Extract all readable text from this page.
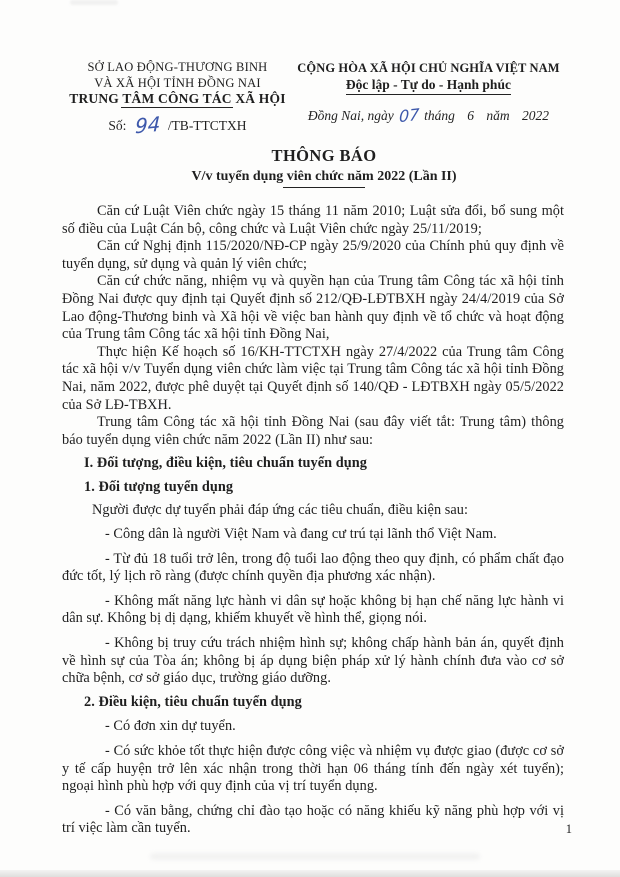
SỞ LAO ĐỘNG-THƯƠNG BINH
VÀ XÃ HỘI TỈNH ĐỒNG NAI
TRUNG TÂM CÔNG TÁC XÃ HỘI
Số: 94 /TB-TTCTXH
CỘNG HÒA XÃ HỘI CHỦ NGHĨA VIỆT NAM
Độc lập - Tự do - Hạnh phúc
Đồng Nai, ngày 07 tháng 6 năm 2022
THÔNG BÁO
V/v tuyển dụng viên chức năm 2022 (Lần II)

Căn cứ Luật Viên chức ngày 15 tháng 11 năm 2010; Luật sửa đổi, bổ sung một số điều của Luật Cán bộ, công chức và Luật Viên chức ngày 25/11/2019;

Căn cứ Nghị định 115/2020/NĐ-CP ngày 25/9/2020 của Chính phủ quy định về tuyển dụng, sử dụng và quản lý viên chức;

Căn cứ chức năng, nhiệm vụ và quyền hạn của Trung tâm Công tác xã hội tỉnh Đồng Nai được quy định tại Quyết định số 212/QĐ-LĐTBXH ngày 24/4/2019 của Sở Lao động-Thương binh và Xã hội về việc ban hành quy định về tổ chức và hoạt động của Trung tâm Công tác xã hội tỉnh Đồng Nai,

Thực hiện Kế hoạch số 16/KH-TTCTXH ngày 27/4/2022 của Trung tâm Công tác xã hội v/v Tuyển dụng viên chức làm việc tại Trung tâm Công tác xã hội tỉnh Đồng Nai, năm 2022, được phê duyệt tại Quyết định số 140/QĐ - LĐTBXH ngày 05/5/2022 của Sở LĐ-TBXH.

Trung tâm Công tác xã hội tỉnh Đồng Nai (sau đây viết tắt: Trung tâm) thông báo tuyển dụng viên chức năm 2022 (Lần II) như sau:

I. Đối tượng, điều kiện, tiêu chuẩn tuyển dụng

1. Đối tượng tuyển dụng

Người được dự tuyển phải đáp ứng các tiêu chuẩn, điều kiện sau:

- Công dân là người Việt Nam và đang cư trú tại lãnh thổ Việt Nam.

- Từ đủ 18 tuổi trở lên, trong độ tuổi lao động theo quy định, có phẩm chất đạo đức tốt, lý lịch rõ ràng (được chính quyền địa phương xác nhận).

- Không mất năng lực hành vi dân sự hoặc không bị hạn chế năng lực hành vi dân sự. Không bị dị dạng, khiếm khuyết về hình thể, giọng nói.

- Không bị truy cứu trách nhiệm hình sự; không chấp hành bản án, quyết định về hình sự của Tòa án; không bị áp dụng biện pháp xử lý hành chính đưa vào cơ sở chữa bệnh, cơ sở giáo dục, trường giáo dưỡng.

2. Điều kiện, tiêu chuẩn tuyển dụng

- Có đơn xin dự tuyển.

- Có sức khỏe tốt thực hiện được công việc và nhiệm vụ được giao (được cơ sở y tế cấp huyện trở lên xác nhận trong thời hạn 06 tháng tính đến ngày xét tuyển); ngoại hình phù hợp với quy định của vị trí tuyển dụng.

- Có văn bằng, chứng chỉ đào tạo hoặc có năng khiếu kỹ năng phù hợp với vị trí việc làm cần tuyển.	1
